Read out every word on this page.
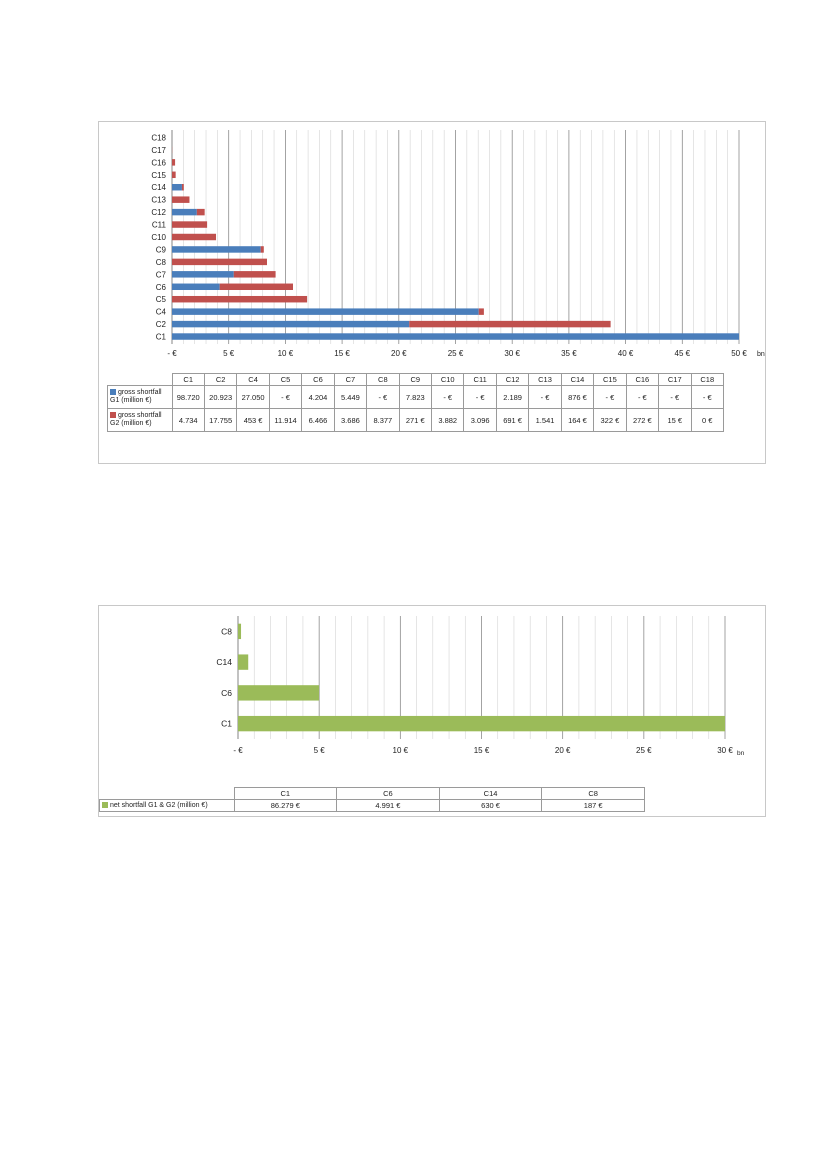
- €	5 €	10 €	15 €	20 €	25 €	30 €	35 €	40 €	45 €	50 € bn
C1
C2
C4
C5
C6
C7
C8
C9
C10
C11
C12
C13
C14
C15
C16
C17
C18
	C1	C2	C4	C5	C6	C7	C8	C9	C10	C11	C12	C13	C14	C15	C16	C17	C18
gross shortfall G1 (million €)	98.720	20.923	27.050	- €	4.204	5.449	- €	7.823	- €	- €	2.189	- €	876 €	- €	- €	- €	- €
gross shortfall G2 (million €)	4.734	17.755	453 €	11.914	6.466	3.686	8.377	271 €	3.882	3.096	691 €	1.541	164 €	322 €	272 €	15 €	0 €
- €	5 €	10 €	15 €	20 €	25 €	30 € bn
C1
C6
C14
C8
	C1	C6	C14	C8
net shortfall G1 & G2 (million €)	86.279 €	4.991 €	630 €	187 €
